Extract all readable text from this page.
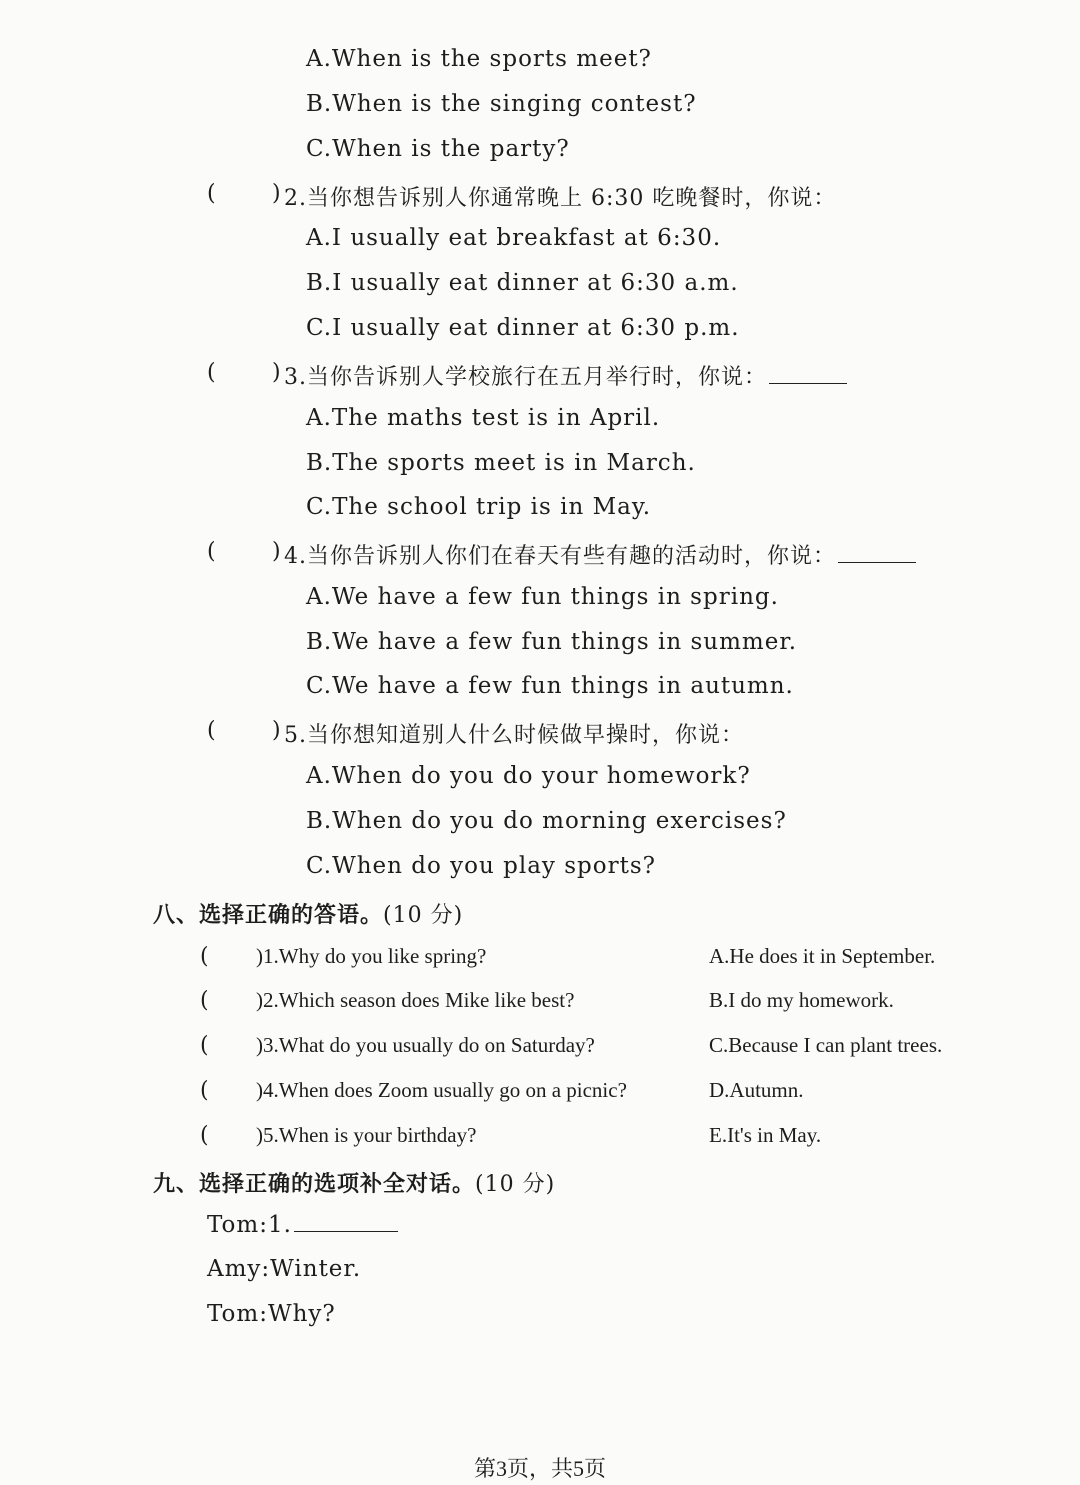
A.When is the sports meet?
B.When is the singing contest?
C.When is the party?
(	) 2.当你想告诉别人你通常晚上 6:30 吃晚餐时，你说：
A.I usually eat breakfast at 6:30.
B.I usually eat dinner at 6:30 a.m.
C.I usually eat dinner at 6:30 p.m.
(	) 3.当你告诉别人学校旅行在五月举行时，你说：
A.The maths test is in April.
B.The sports meet is in March.
C.The school trip is in May.
(	) 4.当你告诉别人你们在春天有些有趣的活动时，你说：
A.We have a few fun things in spring.
B.We have a few fun things in summer.
C.We have a few fun things in autumn.
(	) 5.当你想知道别人什么时候做早操时，你说：
A.When do you do your homework?
B.When do you do morning exercises?
C.When do you play sports?
八、选择正确的答语。(10 分)
( )1.Why do you like spring?	A.He does it in September.
( )2.Which season does Mike like best?	B.I do my homework.
( )3.What do you usually do on Saturday?	C.Because I can plant trees.
( )4.When does Zoom usually go on a picnic?	D.Autumn.
( )5.When is your birthday?	E.It's in May.
九、选择正确的选项补全对话。(10 分)
Tom:1.
Amy:Winter.
Tom:Why?
第3页，共5页
